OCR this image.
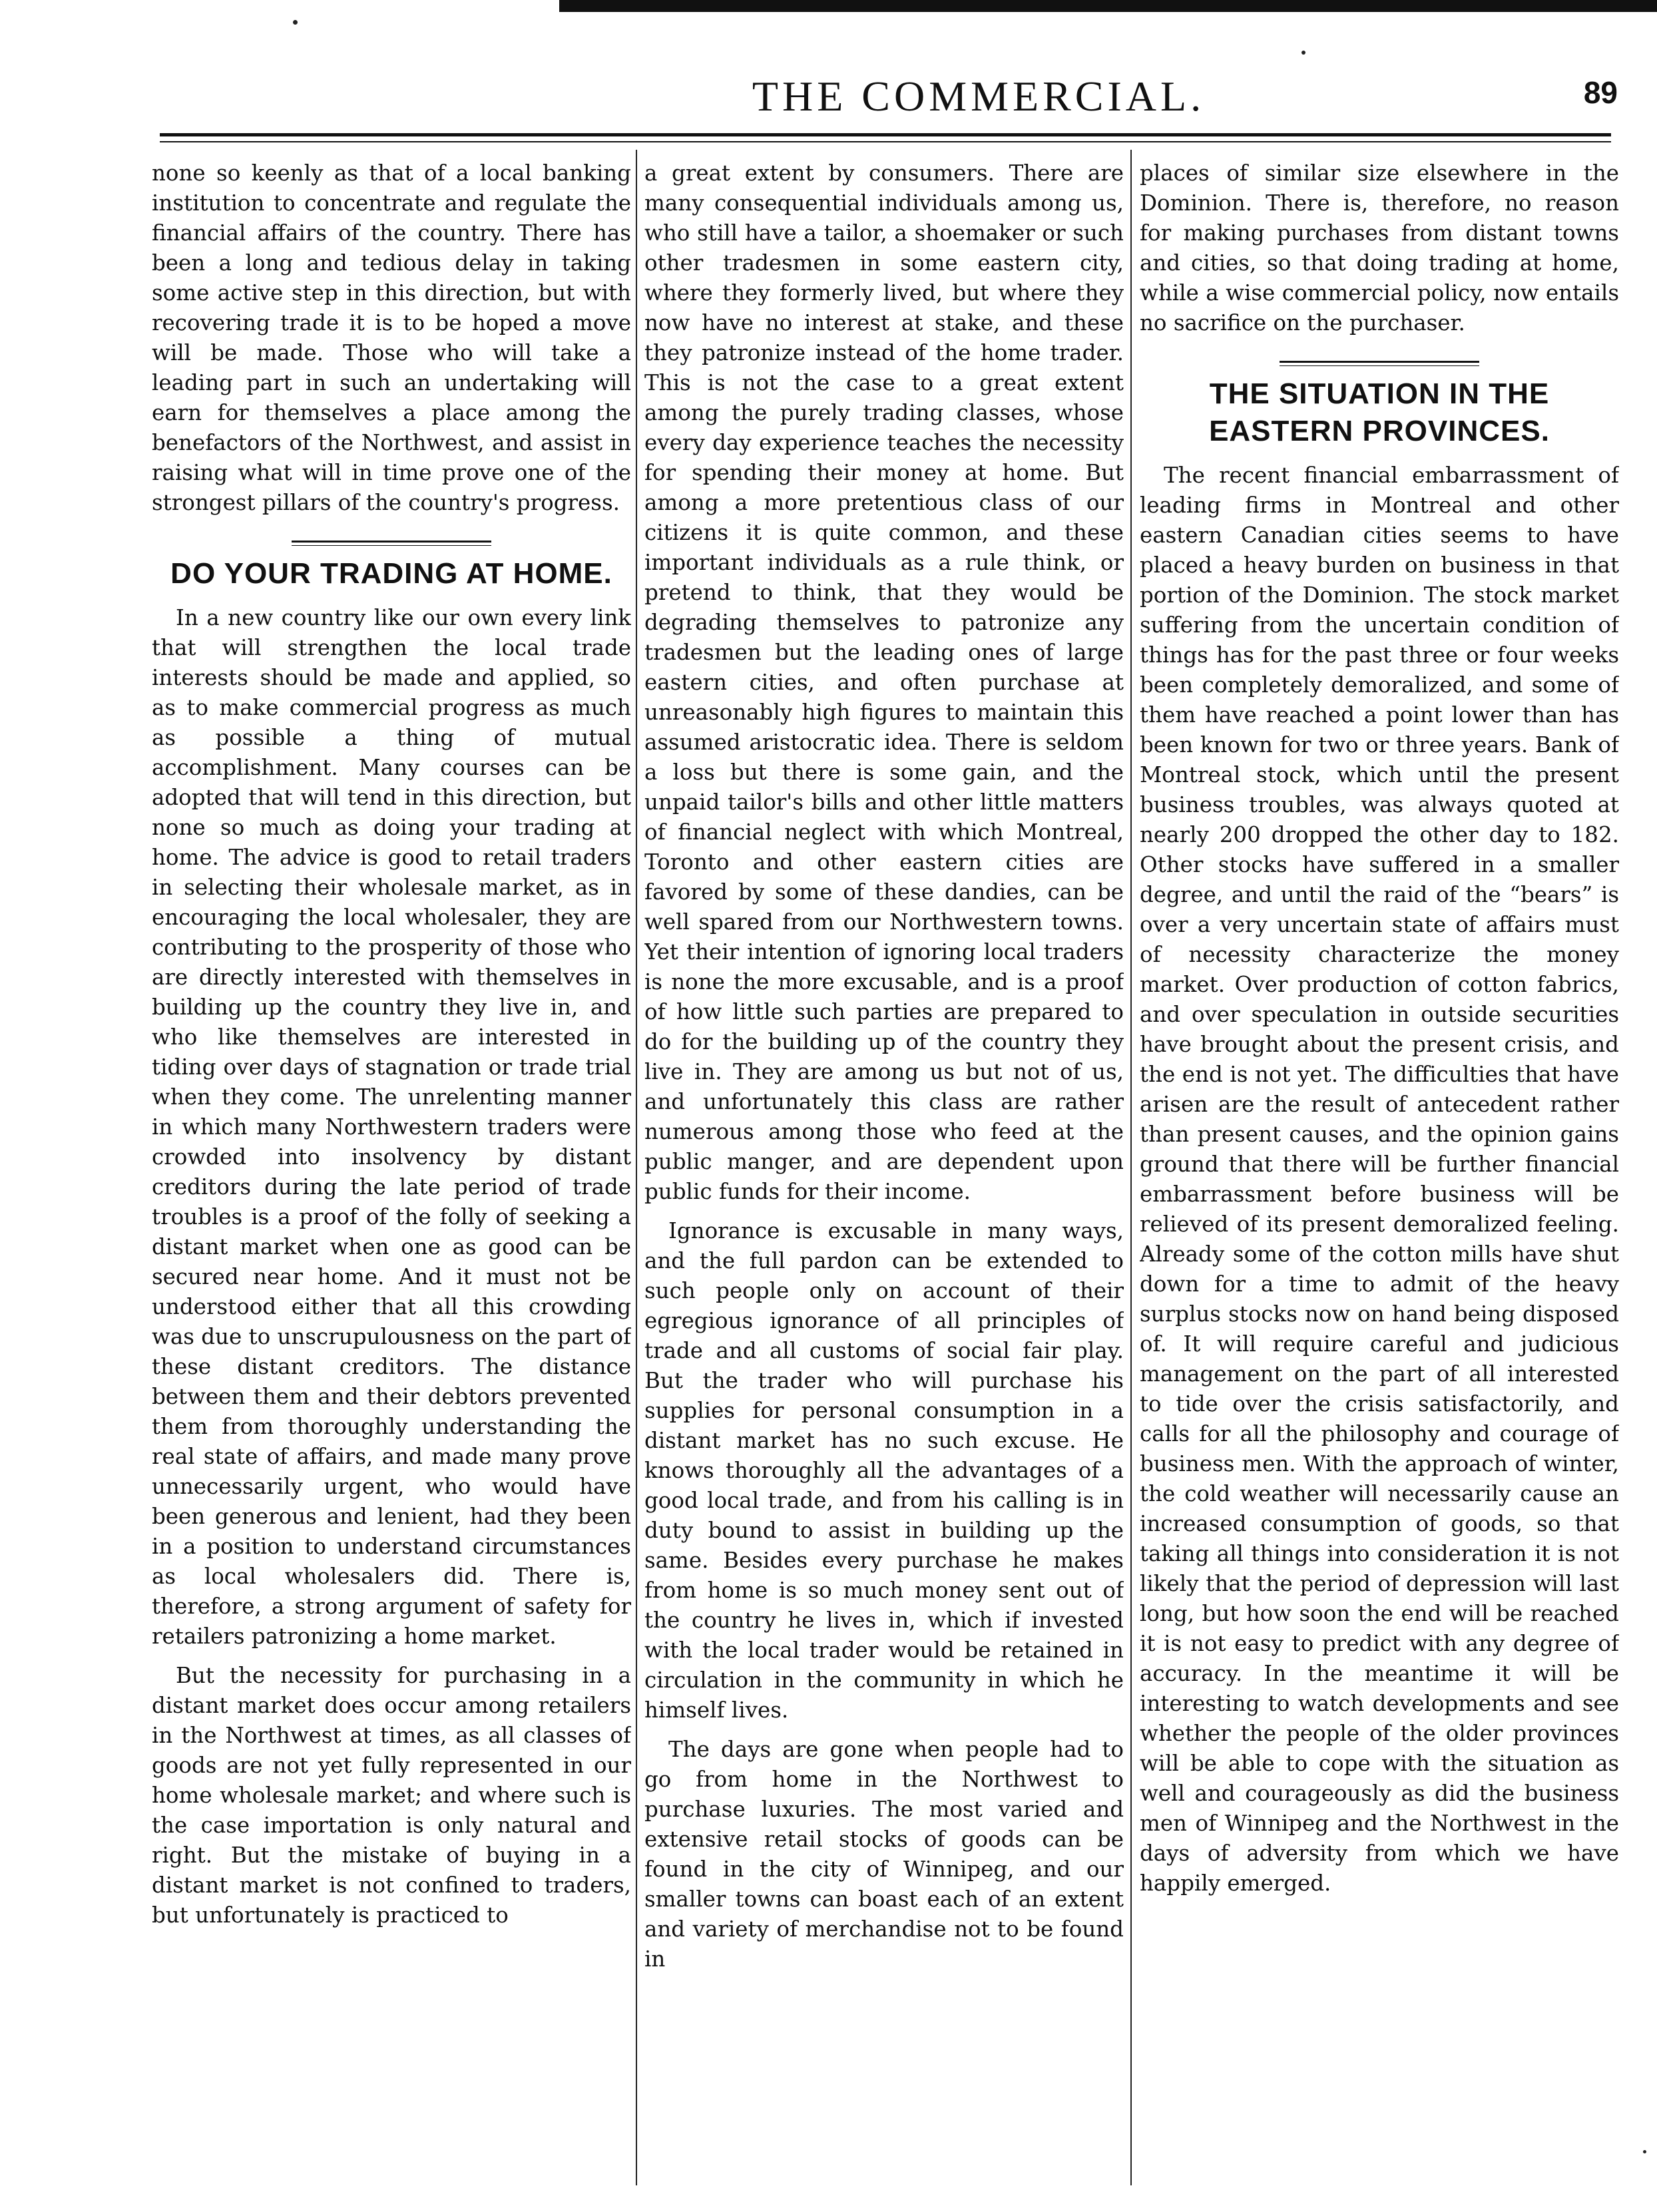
THE COMMERCIAL.	89

none so keenly as that of a local banking institution to concentrate and regulate the financial affairs of the country. There has been a long and tedious delay in taking some active step in this direction, but with recovering trade it is to be hoped a move will be made. Those who will take a leading part in such an undertaking will earn for themselves a place among the benefactors of the Northwest, and assist in raising what will in time prove one of the strongest pillars of the country's progress.

DO YOUR TRADING AT HOME.

In a new country like our own every link that will strengthen the local trade interests should be made and applied, so as to make commercial progress as much as possible a thing of mutual accomplishment. Many courses can be adopted that will tend in this direction, but none so much as doing your trading at home. The advice is good to retail traders in selecting their wholesale market, as in encouraging the local wholesaler, they are contributing to the prosperity of those who are directly interested with themselves in building up the country they live in, and who like themselves are interested in tiding over days of stagnation or trade trial when they come. The unrelenting manner in which many Northwestern traders were crowded into insolvency by distant creditors during the late period of trade troubles is a proof of the folly of seeking a distant market when one as good can be secured near home. And it must not be understood either that all this crowding was due to unscrupulousness on the part of these distant creditors. The distance between them and their debtors prevented them from thoroughly understanding the real state of affairs, and made many prove unnecessarily urgent, who would have been generous and lenient, had they been in a position to understand circumstances as local wholesalers did. There is, therefore, a strong argument of safety for retailers patronizing a home market.

But the necessity for purchasing in a distant market does occur among retailers in the Northwest at times, as all classes of goods are not yet fully represented in our home wholesale market; and where such is the case importation is only natural and right. But the mistake of buying in a distant market is not confined to traders, but unfortunately is practiced to

a great extent by consumers. There are many consequential individuals among us, who still have a tailor, a shoemaker or such other tradesmen in some eastern city, where they formerly lived, but where they now have no interest at stake, and these they patronize instead of the home trader. This is not the case to a great extent among the purely trading classes, whose every day experience teaches the necessity for spending their money at home. But among a more pretentious class of our citizens it is quite common, and these important individuals as a rule think, or pretend to think, that they would be degrading themselves to patronize any tradesmen but the leading ones of large eastern cities, and often purchase at unreasonably high figures to maintain this assumed aristocratic idea. There is seldom a loss but there is some gain, and the unpaid tailor's bills and other little matters of financial neglect with which Montreal, Toronto and other eastern cities are favored by some of these dandies, can be well spared from our Northwestern towns. Yet their intention of ignoring local traders is none the more excusable, and is a proof of how little such parties are prepared to do for the building up of the country they live in. They are among us but not of us, and unfortunately this class are rather numerous among those who feed at the public manger, and are dependent upon public funds for their income.

Ignorance is excusable in many ways, and the full pardon can be extended to such people only on account of their egregious ignorance of all principles of trade and all customs of social fair play. But the trader who will purchase his supplies for personal consumption in a distant market has no such excuse. He knows thoroughly all the advantages of a good local trade, and from his calling is in duty bound to assist in building up the same. Besides every purchase he makes from home is so much money sent out of the country he lives in, which if invested with the local trader would be retained in circulation in the community in which he himself lives.

The days are gone when people had to go from home in the Northwest to purchase luxuries. The most varied and extensive retail stocks of goods can be found in the city of Winnipeg, and our smaller towns can boast each of an extent and variety of merchandise not to be found in

places of similar size elsewhere in the Dominion. There is, therefore, no reason for making purchases from distant towns and cities, so that doing trading at home, while a wise commercial policy, now entails no sacrifice on the purchaser.

THE SITUATION IN THE EASTERN PROVINCES.

The recent financial embarrassment of leading firms in Montreal and other eastern Canadian cities seems to have placed a heavy burden on business in that portion of the Dominion. The stock market suffering from the uncertain condition of things has for the past three or four weeks been completely demoralized, and some of them have reached a point lower than has been known for two or three years. Bank of Montreal stock, which until the present business troubles, was always quoted at nearly 200 dropped the other day to 182. Other stocks have suffered in a smaller degree, and until the raid of the “bears” is over a very uncertain state of affairs must of necessity characterize the money market. Over production of cotton fabrics, and over speculation in outside securities have brought about the present crisis, and the end is not yet. The difficulties that have arisen are the result of antecedent rather than present causes, and the opinion gains ground that there will be further financial embarrassment before business will be relieved of its present demoralized feeling. Already some of the cotton mills have shut down for a time to admit of the heavy surplus stocks now on hand being disposed of. It will require careful and judicious management on the part of all interested to tide over the crisis satisfactorily, and calls for all the philosophy and courage of business men. With the approach of winter, the cold weather will necessarily cause an increased consumption of goods, so that taking all things into consideration it is not likely that the period of depression will last long, but how soon the end will be reached it is not easy to predict with any degree of accuracy. In the meantime it will be interesting to watch developments and see whether the people of the older provinces will be able to cope with the situation as well and courageously as did the business men of Winnipeg and the Northwest in the days of adversity from which we have happily emerged.
